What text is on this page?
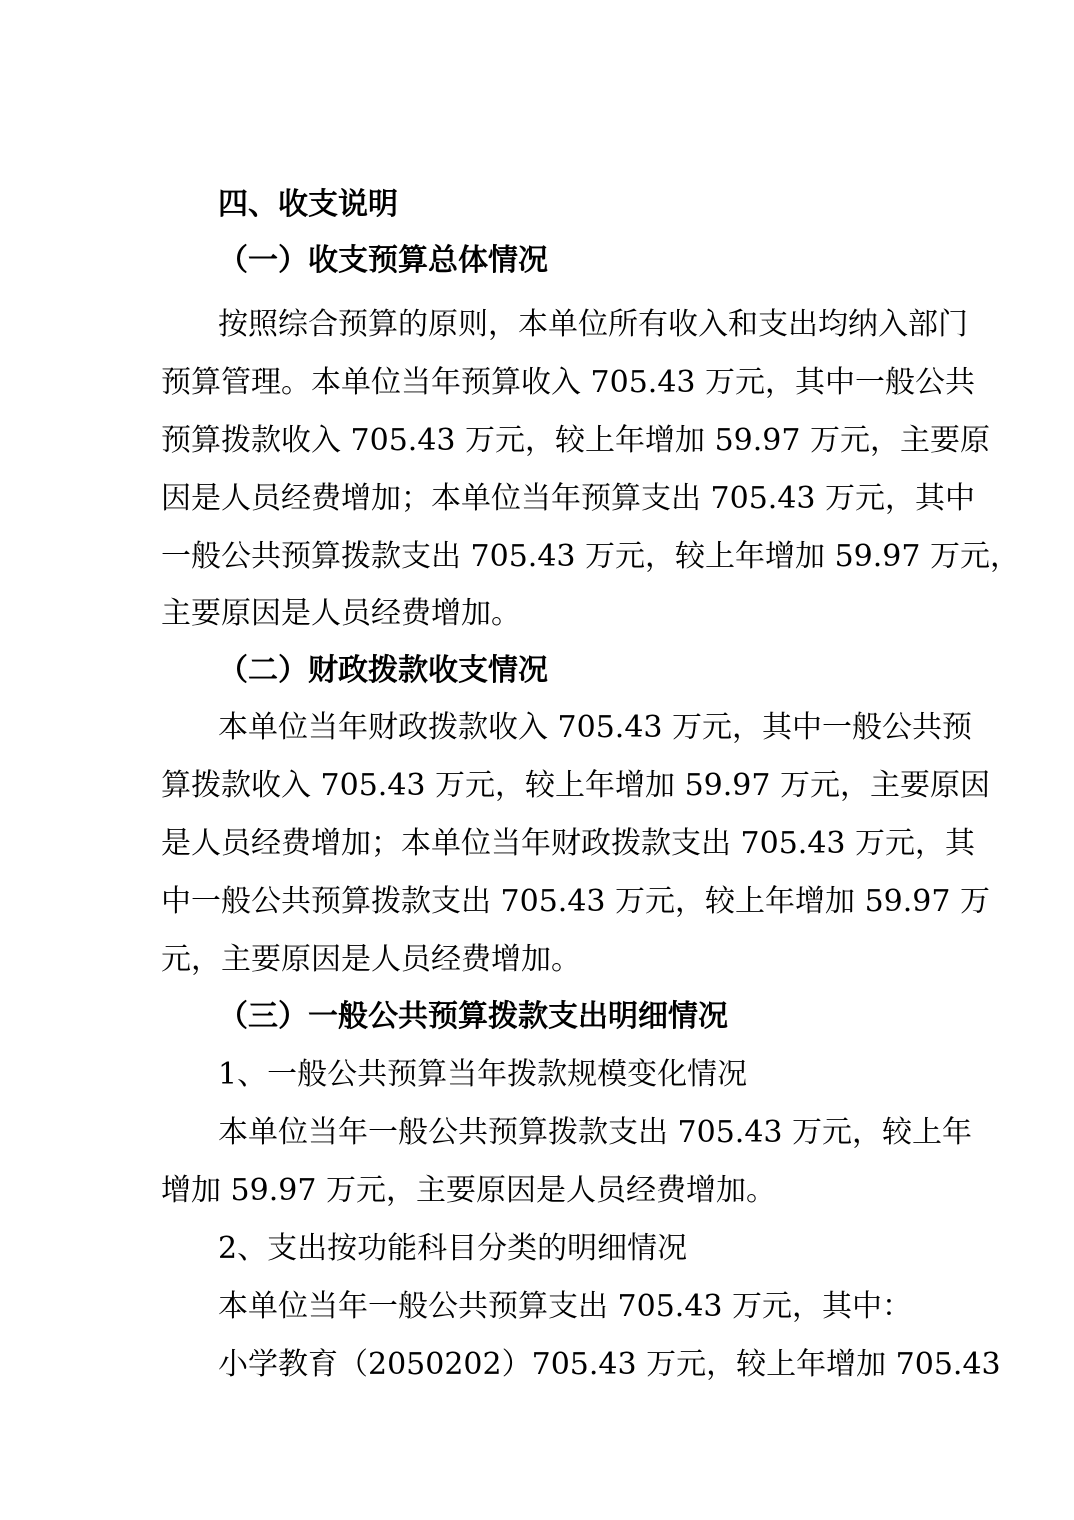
四、收支说明
（一）收支预算总体情况
按照综合预算的原则，本单位所有收入和支出均纳入部门
预算管理。本单位当年预算收入 705.43 万元，其中一般公共
预算拨款收入 705.43 万元，较上年增加 59.97 万元，主要原
因是人员经费增加；本单位当年预算支出 705.43 万元，其中
一般公共预算拨款支出 705.43 万元，较上年增加 59.97 万元，
主要原因是人员经费增加。
（二）财政拨款收支情况
本单位当年财政拨款收入 705.43 万元，其中一般公共预
算拨款收入 705.43 万元，较上年增加 59.97 万元，主要原因
是人员经费增加；本单位当年财政拨款支出 705.43 万元，其
中一般公共预算拨款支出 705.43 万元，较上年增加 59.97 万
元，主要原因是人员经费增加。
（三）一般公共预算拨款支出明细情况
1、一般公共预算当年拨款规模变化情况
本单位当年一般公共预算拨款支出 705.43 万元，较上年
增加 59.97 万元，主要原因是人员经费增加。
2、支出按功能科目分类的明细情况
本单位当年一般公共预算支出 705.43 万元，其中：
小学教育（2050202）705.43 万元，较上年增加 705.43
